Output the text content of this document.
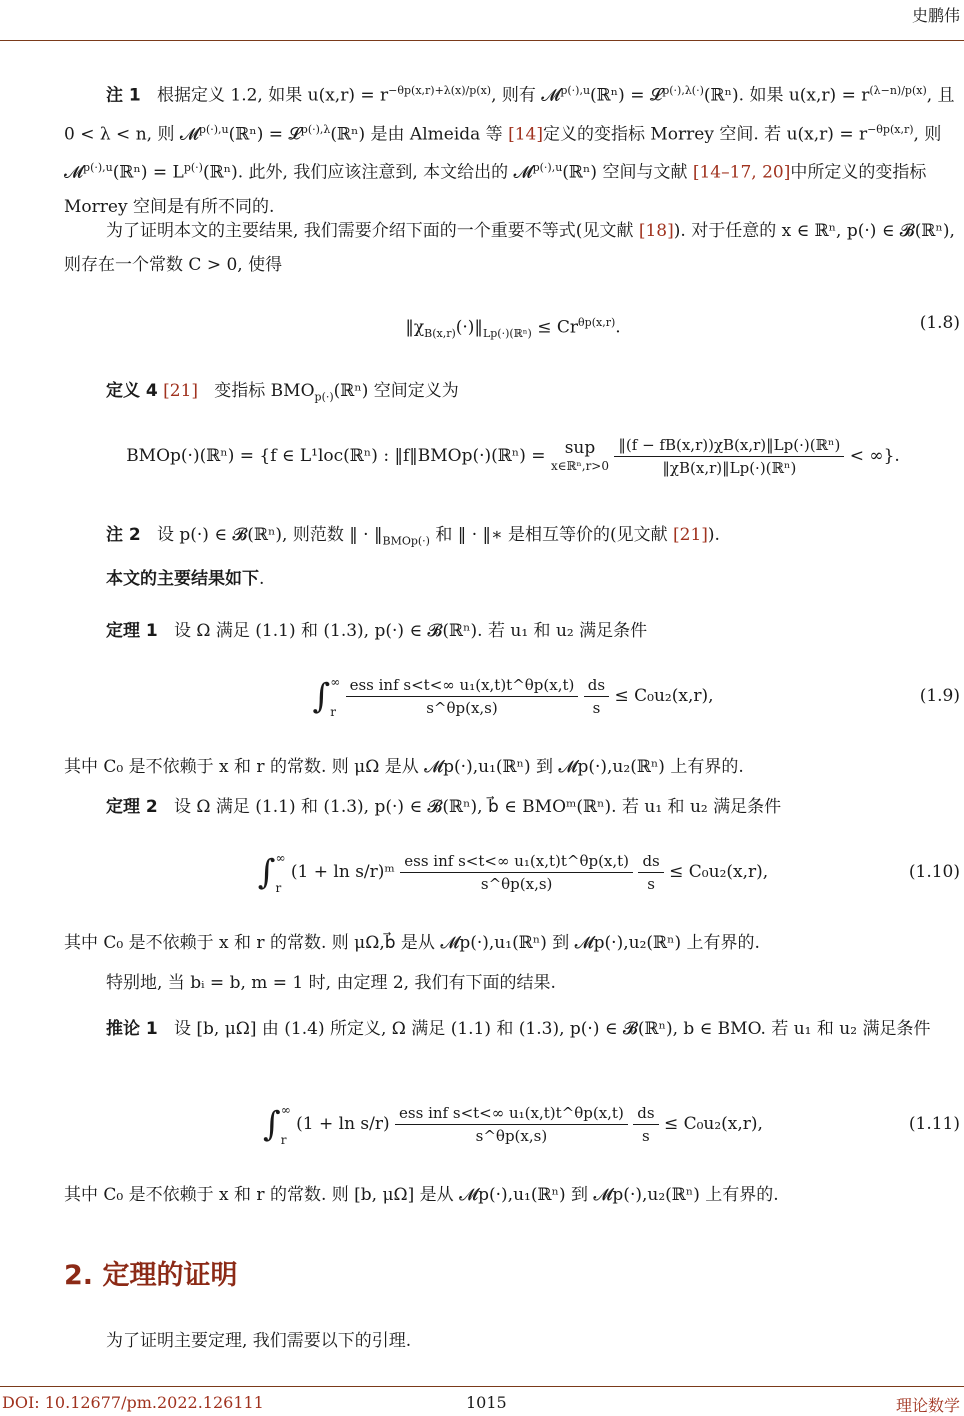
史鹏伟
注 1 根据定义 1.2, 如果 $u(x,r) = r^{-\theta p(x,r)+\lambda(x)/p(x)}$, 则有 𝓜$^{p(\cdot),u}$(ℝⁿ) = 𝓛$^{p(\cdot),\lambda(\cdot)}$(ℝⁿ). 如果 $u(x,r) = r^{(\lambda-n)/p(x)}$, 且 0 < λ < n, 则 𝓜$^{p(\cdot),u}$(ℝⁿ) = 𝓛$^{p(\cdot),\lambda}$(ℝⁿ) 是由 Almeida 等 [14]定义的变指标 Morrey 空间. 若 $u(x,r) = r^{-\theta p(x,r)}$, 则 𝓜$^{p(\cdot),u}$(ℝⁿ) = $L^{p(\cdot)}(ℝ^n)$. 此外, 我们应该注意到, 本文给出的 𝓜$^{p(\cdot),u}$(ℝⁿ) 空间与文献 [14–17, 20]中所定义的变指标 Morrey 空间是有所不同的.
为了证明本文的主要结果, 我们需要介绍下面的一个重要不等式(见文献 [18]). 对于任意的 x ∈ ℝⁿ, p(·) ∈ 𝓑(ℝⁿ), 则存在一个常数 C > 0, 使得
$‖\chi_{B(x,r)}(\cdot)‖_{Lp(\cdot)(ℝ^n)} \le Cr^{\theta p(x,r)}$.	(1.8)
定义 4 [21] 变指标 $BMO_{p(\cdot)}(ℝ^n)$ 空间定义为
BMOp(·)(ℝⁿ) = {f ∈ L¹loc(ℝⁿ) : ‖f‖BMOp(·)(ℝⁿ) = sup
x∈ℝⁿ,r>0
$\frac{\text{‖(f − fB(x,r))χB(x,r)‖Lp(·)(ℝⁿ)}}{\text{‖χB(x,r)‖Lp(·)(ℝⁿ)}}$ < ∞}.
注 2 设 p(·) ∈ 𝓑(ℝⁿ), 则范数 ‖ · $‖_{BMOp(\cdot)}$ 和 ‖ · ‖∗ 是相互等价的(见文献 [21]).
本文的主要结果如下.
定理 1 设 Ω 满足 (1.1) 和 (1.3), p(·) ∈ 𝓑(ℝⁿ). 若 u₁ 和 u₂ 满足条件
∫ ∞
r
$\frac{\text{ess inf s<t<∞ u₁(x,t)t\textasciicircum{}θp(x,t)}}{s\^{}\theta p(x,s)}$
$\frac{ds}{s} \le C_0u_2(x,r)$,	(1.9)
其中 C₀ 是不依赖于 x 和 r 的常数. 则 μΩ 是从 𝓜p(·),u₁(ℝⁿ) 到 𝓜p(·),u₂(ℝⁿ) 上有界的.
定理 2 设 Ω 满足 (1.1) 和 (1.3), p(·) ∈ 𝓑(ℝⁿ), b⃗ ∈ BMOᵐ(ℝⁿ). 若 u₁ 和 u₂ 满足条件
∫ ∞
r
(1 + ln s/r)ᵐ $\frac{\text{ess inf s<t<∞ u₁(x,t)t\textasciicircum{}θp(x,t)}}{s\^{}\theta p(x,s)}$
$\frac{ds}{s} \le C_0u_2(x,r)$,	(1.10)
其中 C₀ 是不依赖于 x 和 r 的常数. 则 μΩ,b⃗ 是从 𝓜p(·),u₁(ℝⁿ) 到 𝓜p(·),u₂(ℝⁿ) 上有界的.
特别地, 当 bᵢ = b, m = 1 时, 由定理 2, 我们有下面的结果.
推论 1 设 [b, μΩ] 由 (1.4) 所定义, Ω 满足 (1.1) 和 (1.3), p(·) ∈ 𝓑(ℝⁿ), b ∈ BMO. 若 u₁ 和 u₂ 满足条件
∫ ∞
r
$(1 + \ln s/r) \frac{\text{ess inf s<t<∞ u₁(x,t)t\textasciicircum{}θp(x,t)}}{s\^{}\theta p(x,s)}$
$\frac{ds}{s} \le C_0u_2(x,r)$,	(1.11)
其中 C₀ 是不依赖于 x 和 r 的常数. 则 [b, μΩ] 是从 𝓜p(·),u₁(ℝⁿ) 到 𝓜p(·),u₂(ℝⁿ) 上有界的.
2. 定理的证明
为了证明主要定理, 我们需要以下的引理.
DOI: 10.12677/pm.2022.126111	1015	理论数学
